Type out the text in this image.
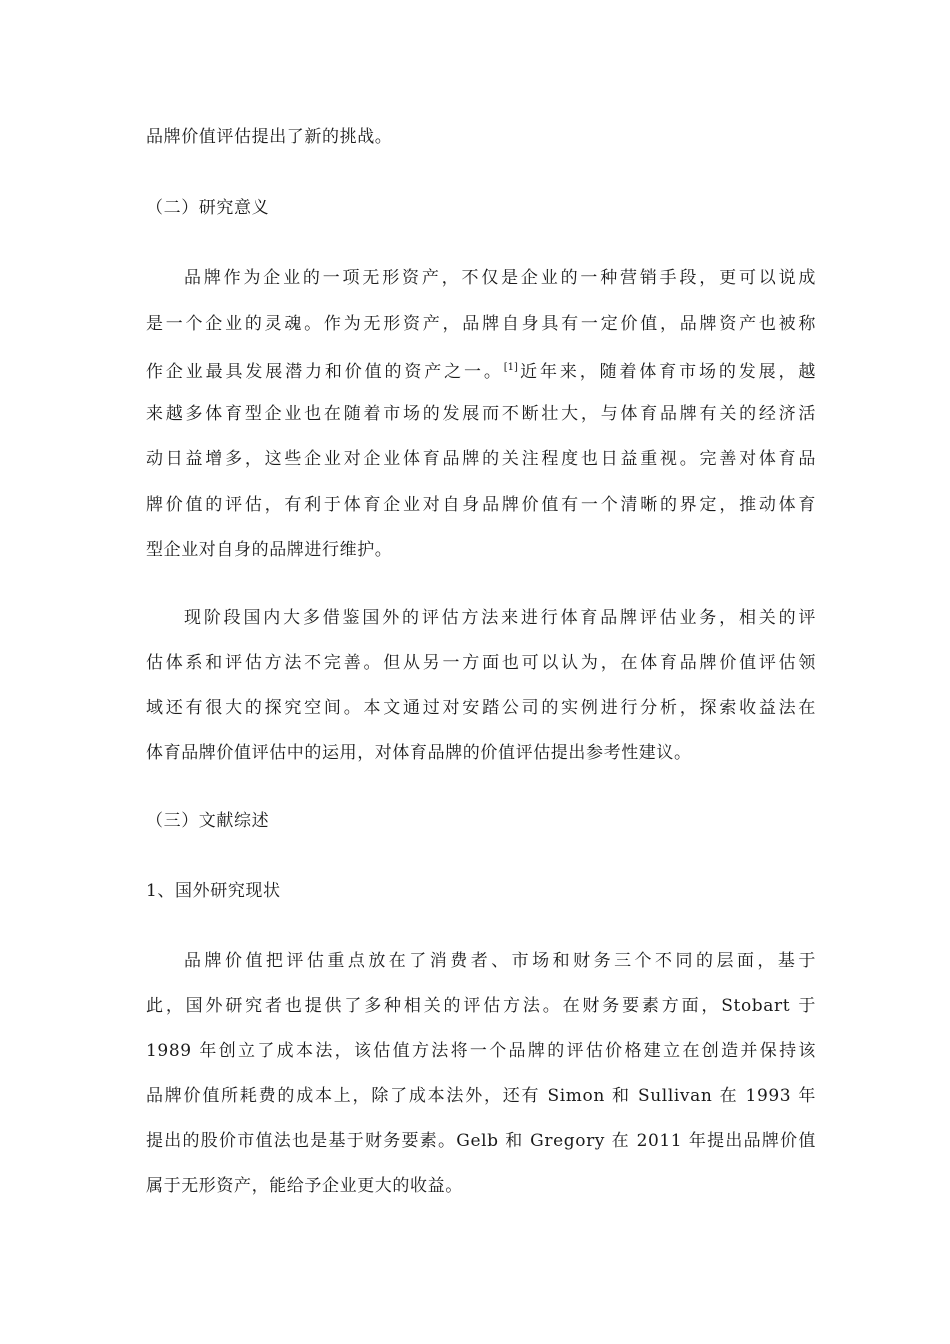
品牌价值评估提出了新的挑战。
（二）研究意义
品牌作为企业的一项无形资产，不仅是企业的一种营销手段，更可以说成
是一个企业的灵魂。作为无形资产，品牌自身具有一定价值，品牌资产也被称
作企业最具发展潜力和价值的资产之一。[1]近年来，随着体育市场的发展，越
来越多体育型企业也在随着市场的发展而不断壮大，与体育品牌有关的经济活
动日益增多，这些企业对企业体育品牌的关注程度也日益重视。完善对体育品
牌价值的评估，有利于体育企业对自身品牌价值有一个清晰的界定，推动体育
型企业对自身的品牌进行维护。
现阶段国内大多借鉴国外的评估方法来进行体育品牌评估业务，相关的评
估体系和评估方法不完善。但从另一方面也可以认为，在体育品牌价值评估领
域还有很大的探究空间。本文通过对安踏公司的实例进行分析，探索收益法在
体育品牌价值评估中的运用，对体育品牌的价值评估提出参考性建议。
（三）文献综述
1、国外研究现状
品牌价值把评估重点放在了消费者、市场和财务三个不同的层面，基于
此，国外研究者也提供了多种相关的评估方法。在财务要素方面，Stobart 于
1989 年创立了成本法，该估值方法将一个品牌的评估价格建立在创造并保持该
品牌价值所耗费的成本上，除了成本法外，还有 Simon 和 Sullivan 在 1993 年
提出的股价市值法也是基于财务要素。Gelb 和 Gregory 在 2011 年提出品牌价值
属于无形资产，能给予企业更大的收益。
